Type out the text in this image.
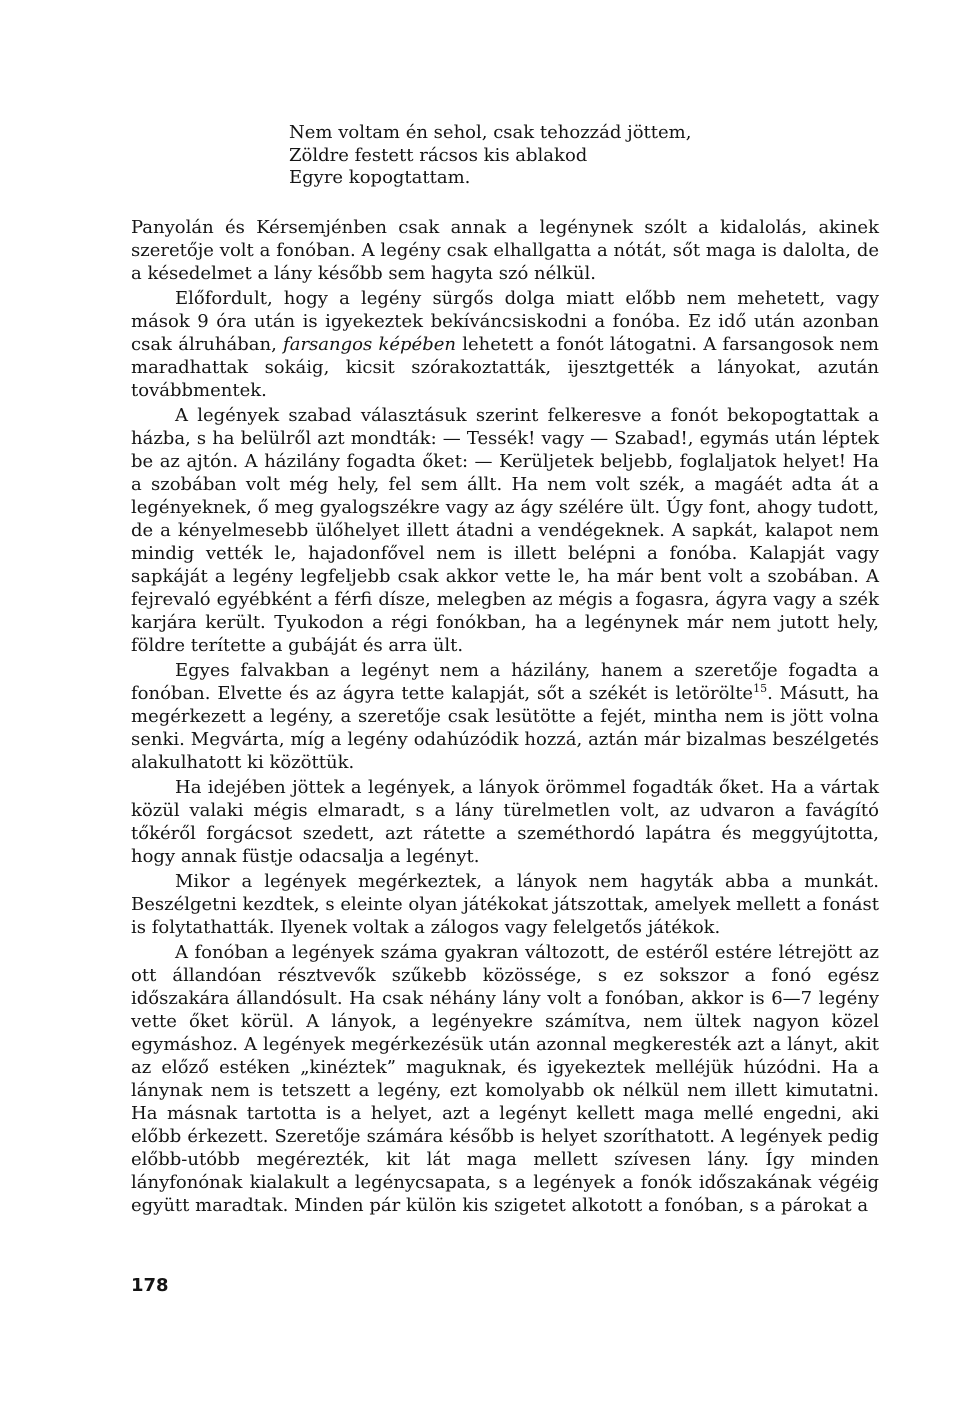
Nem voltam én sehol, csak tehozzád jöttem,
Zöldre festett rácsos kis ablakod
Egyre kopogtattam.

Panyolán és Kérsemjénben csak annak a legénynek szólt a kidalolás, akinek szeretője volt a fonóban. A legény csak elhallgatta a nótát, sőt maga is dalolta, de a késedelmet a lány később sem hagyta szó nélkül.

Előfordult, hogy a legény sürgős dolga miatt előbb nem mehetett, vagy mások 9 óra után is igyekeztek bekíváncsiskodni a fonóba. Ez idő után azonban csak álruhában, farsangos képében lehetett a fonót látogatni. A farsangosok nem maradhattak sokáig, kicsit szórakoztatták, ijesztgették a lányokat, azután továbbmentek.

A legények szabad választásuk szerint felkeresve a fonót bekopogtattak a házba, s ha belülről azt mondták: — Tessék! vagy — Szabad!, egymás után léptek be az ajtón. A házilány fogadta őket: — Kerüljetek beljebb, foglaljatok helyet! Ha a szobában volt még hely, fel sem állt. Ha nem volt szék, a magáét adta át a legényeknek, ő meg gyalogszékre vagy az ágy szélére ült. Úgy font, ahogy tudott, de a kényelmesebb ülőhelyet illett átadni a vendégeknek. A sapkát, kalapot nem mindig vették le, hajadonfővel nem is illett belépni a fonóba. Kalapját vagy sapkáját a legény legfeljebb csak akkor vette le, ha már bent volt a szobában. A fejrevaló egyébként a férfi dísze, melegben az mégis a fogasra, ágyra vagy a szék karjára került. Tyukodon a régi fonókban, ha a legénynek már nem jutott hely, földre terítette a gubáját és arra ült.

Egyes falvakban a legényt nem a házilány, hanem a szeretője fogadta a fonóban. Elvette és az ágyra tette kalapját, sőt a székét is letörölte$^{15}$. Másutt, ha megérkezett a legény, a szeretője csak lesütötte a fejét, mintha nem is jött volna senki. Megvárta, míg a legény odahúzódik hozzá, aztán már bizalmas beszélgetés alakulhatott ki közöttük.

Ha idejében jöttek a legények, a lányok örömmel fogadták őket. Ha a vártak közül valaki mégis elmaradt, s a lány türelmetlen volt, az udvaron a favágító tőkéről forgácsot szedett, azt rátette a szeméthordó lapátra és meggyújtotta, hogy annak füstje odacsalja a legényt.

Mikor a legények megérkeztek, a lányok nem hagyták abba a munkát. Beszélgetni kezdtek, s eleinte olyan játékokat játszottak, amelyek mellett a fonást is folytathatták. Ilyenek voltak a zálogos vagy felelgetős játékok.

A fonóban a legények száma gyakran változott, de estéről estére létrejött az ott állandóan résztvevők szűkebb közössége, s ez sokszor a fonó egész időszakára állandósult. Ha csak néhány lány volt a fonóban, akkor is 6—7 legény vette őket körül. A lányok, a legényekre számítva, nem ültek nagyon közel egymáshoz. A legények megérkezésük után azonnal megkeresték azt a lányt, akit az előző estéken „kinéztek” maguknak, és igyekeztek melléjük húzódni. Ha a lánynak nem is tetszett a legény, ezt komolyabb ok nélkül nem illett kimutatni. Ha másnak tartotta is a helyet, azt a legényt kellett maga mellé engedni, aki előbb érkezett. Szeretője számára később is helyet szoríthatott. A legények pedig előbb-utóbb megérezték, kit lát maga mellett szívesen lány. Így minden lányfonónak kialakult a legénycsapata, s a legények a fonók időszakának végéig együtt maradtak. Minden pár külön kis szigetet alkotott a fonóban, s a párokat a

178
